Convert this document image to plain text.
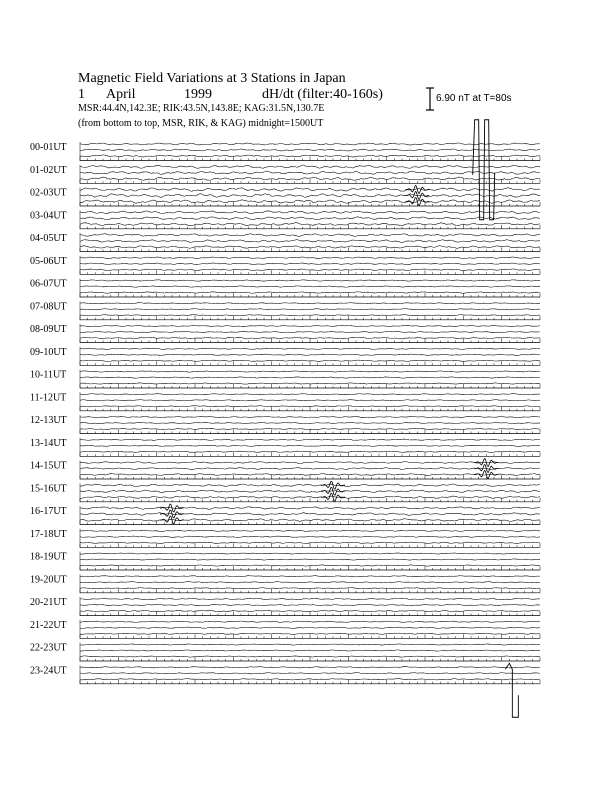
Magnetic Field Variations at 3 Stations in Japan
1 April	1999	dH/dt (filter:40-160s)
MSR:44.4N,142.3E; RIK:43.5N,143.8E; KAG:31.5N,130.7E
(from bottom to top, MSR, RIK, & KAG) midnight=1500UT
6.90 nT at T=80s
00-01UT
01-02UT
02-03UT
03-04UT
04-05UT
05-06UT
06-07UT
07-08UT
08-09UT
09-10UT
10-11UT
11-12UT
12-13UT
13-14UT
14-15UT
15-16UT
16-17UT
17-18UT
18-19UT
19-20UT
20-21UT
21-22UT
22-23UT
23-24UT
